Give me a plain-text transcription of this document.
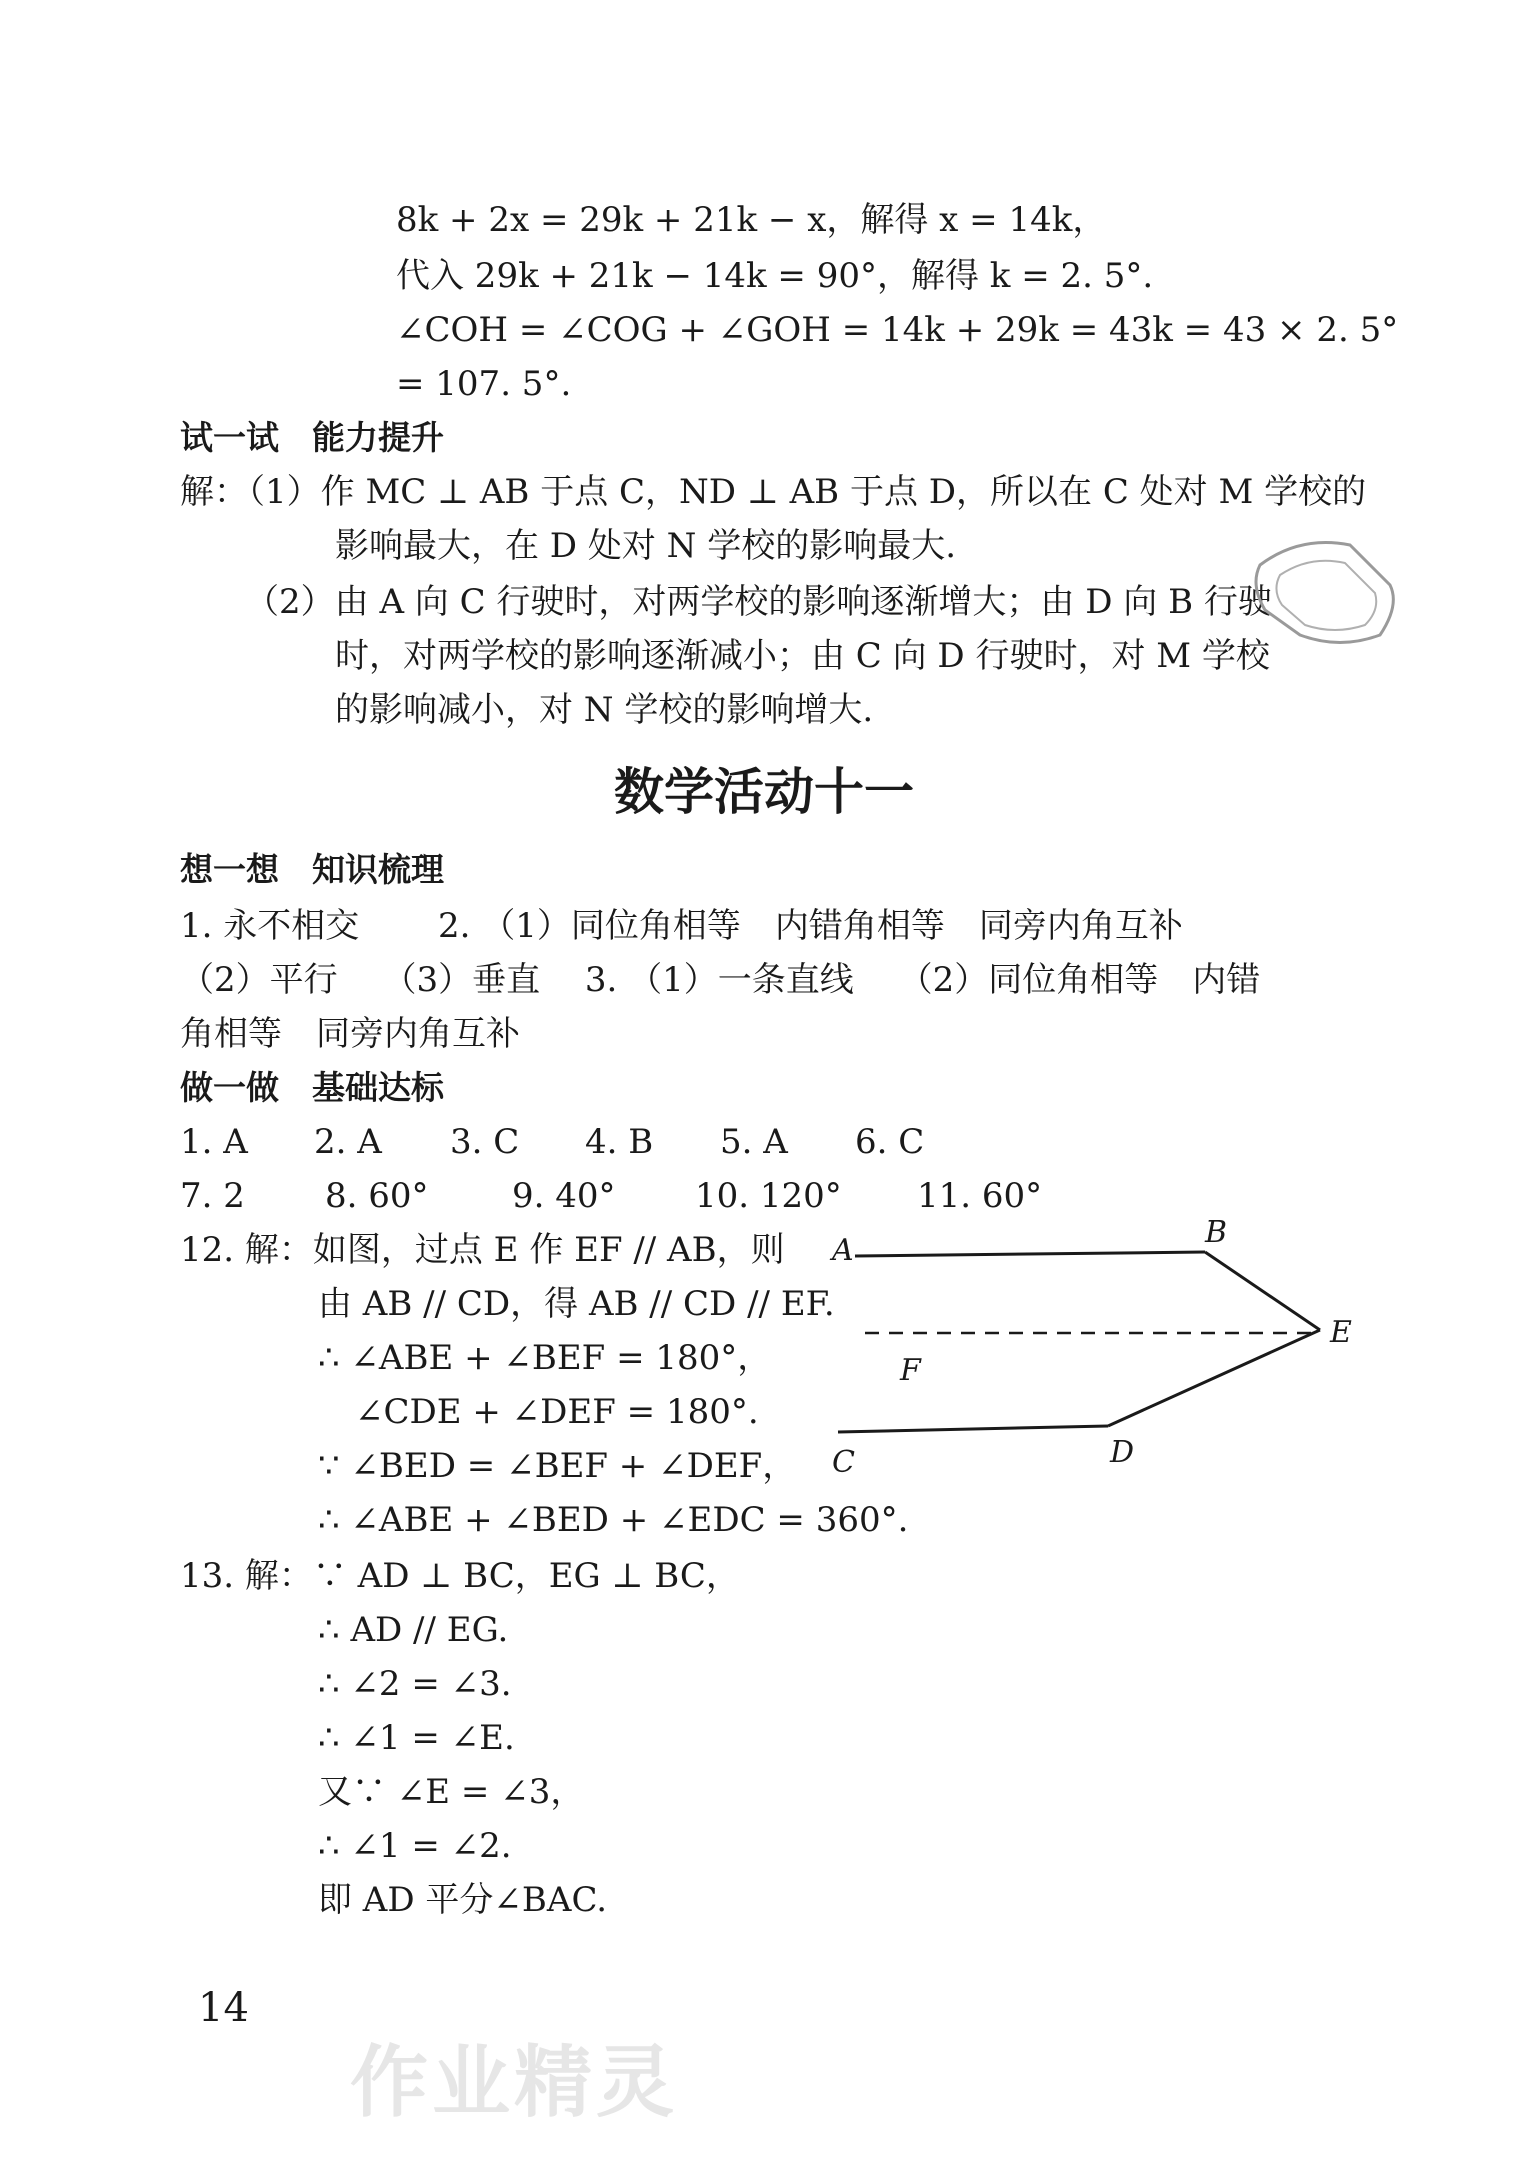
8k + 2x = 29k + 21k − x，解得 x = 14k，
代入 29k + 21k − 14k = 90°，解得 k = 2. 5°.
∠COH = ∠COG + ∠GOH = 14k + 29k = 43k = 43 × 2. 5°
= 107. 5°.
试一试　能力提升
解：（1）作 MC ⊥ AB 于点 C，ND ⊥ AB 于点 D，所以在 C 处对 M 学校的
影响最大，在 D 处对 N 学校的影响最大.
（2）由 A 向 C 行驶时，对两学校的影响逐渐增大；由 D 向 B 行驶
时，对两学校的影响逐渐减小；由 C 向 D 行驶时，对 M 学校
的影响减小，对 N 学校的影响增大.
数学活动十一
想一想　知识梳理
1. 永不相交　　 2. （1）同位角相等　内错角相等　同旁内角互补
（2）平行　 （3）垂直　 3. （1）一条直线　 （2）同位角相等　内错
角相等　同旁内角互补
做一做　基础达标
1. A 2. A 3. C 4. B 5. A 6. C
7. 2 8. 60° 9. 40° 10. 120° 11. 60°
12. 解：如图，过点 E 作 EF // AB，则
由 AB // CD，得 AB // CD // EF.
∴ ∠ABE + ∠BEF = 180°，
∠CDE + ∠DEF = 180°.
∵ ∠BED = ∠BEF + ∠DEF，
∴ ∠ABE + ∠BED + ∠EDC = 360°.
A
B
E
F
C	D
13. 解：∵ AD ⊥ BC，EG ⊥ BC，
∴ AD // EG.
∴ ∠2 = ∠3.
∴ ∠1 = ∠E.
又∵ ∠E = ∠3，
∴ ∠1 = ∠2.
即 AD 平分∠BAC.
14
作业精灵
